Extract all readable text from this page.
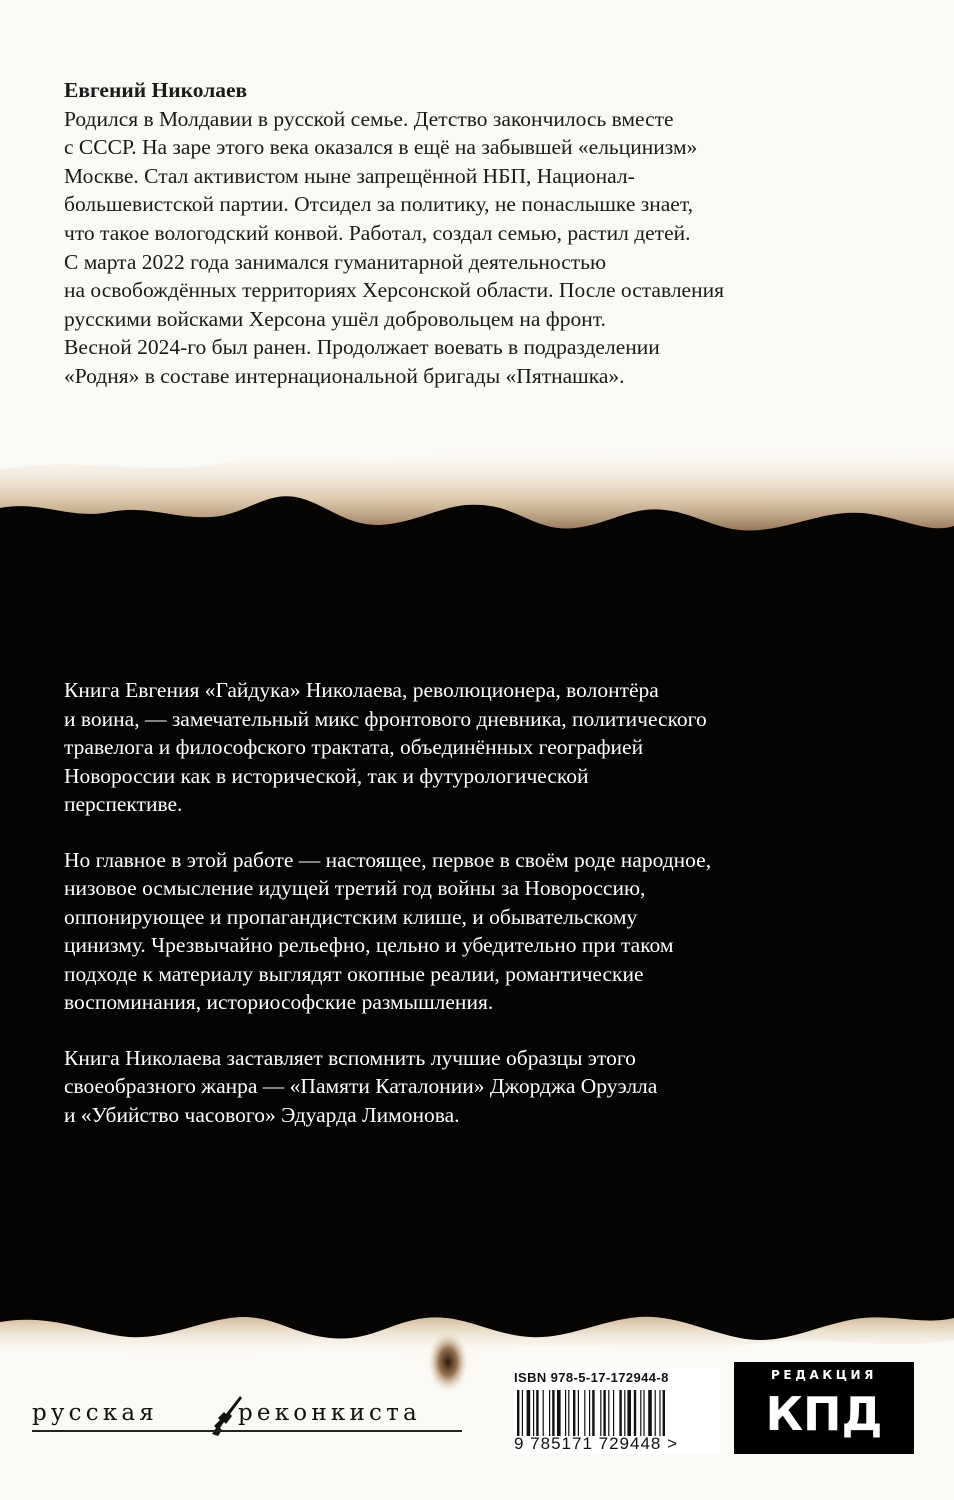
Евгений Николаев
Родился в Молдавии в русской семье. Детство закончилось вместе
с СССР. На заре этого века оказался в ещё на забывшей «ельцинизм»
Москве. Стал активистом ныне запрещённой НБП, Национал-
большевистской партии. Отсидел за политику, не понаслышке знает,
что такое вологодский конвой. Работал, создал семью, растил детей.
С марта 2022 года занимался гуманитарной деятельностью
на освобождённых территориях Херсонской области. После оставления
русскими войсками Херсона ушёл добровольцем на фронт.
Весной 2024-го был ранен. Продолжает воевать в подразделении
«Родня» в составе интернациональной бригады «Пятнашка».
Книга Евгения «Гайдука» Николаева, революционера, волонтёра
и воина, — замечательный микс фронтового дневника, политического
травелога и философского трактата, объединённых географией
Новороссии как в исторической, так и футурологической
перспективе.
Но главное в этой работе — настоящее, первое в своём роде народное,
низовое осмысление идущей третий год войны за Новороссию,
оппонирующее и пропагандистским клише, и обывательскому
цинизму. Чрезвычайно рельефно, цельно и убедительно при таком
подходе к материалу выглядят окопные реалии, романтические
воспоминания, историософские размышления.
Книга Николаева заставляет вспомнить лучшие образцы этого
своеобразного жанра — «Памяти Каталонии» Джорджа Оруэлла
и «Убийство часового» Эдуарда Лимонова.
русская	реконкиста
ISBN 978-5-17-172944-8
9 785171 729448 >
РЕДАКЦИЯ
КПД
